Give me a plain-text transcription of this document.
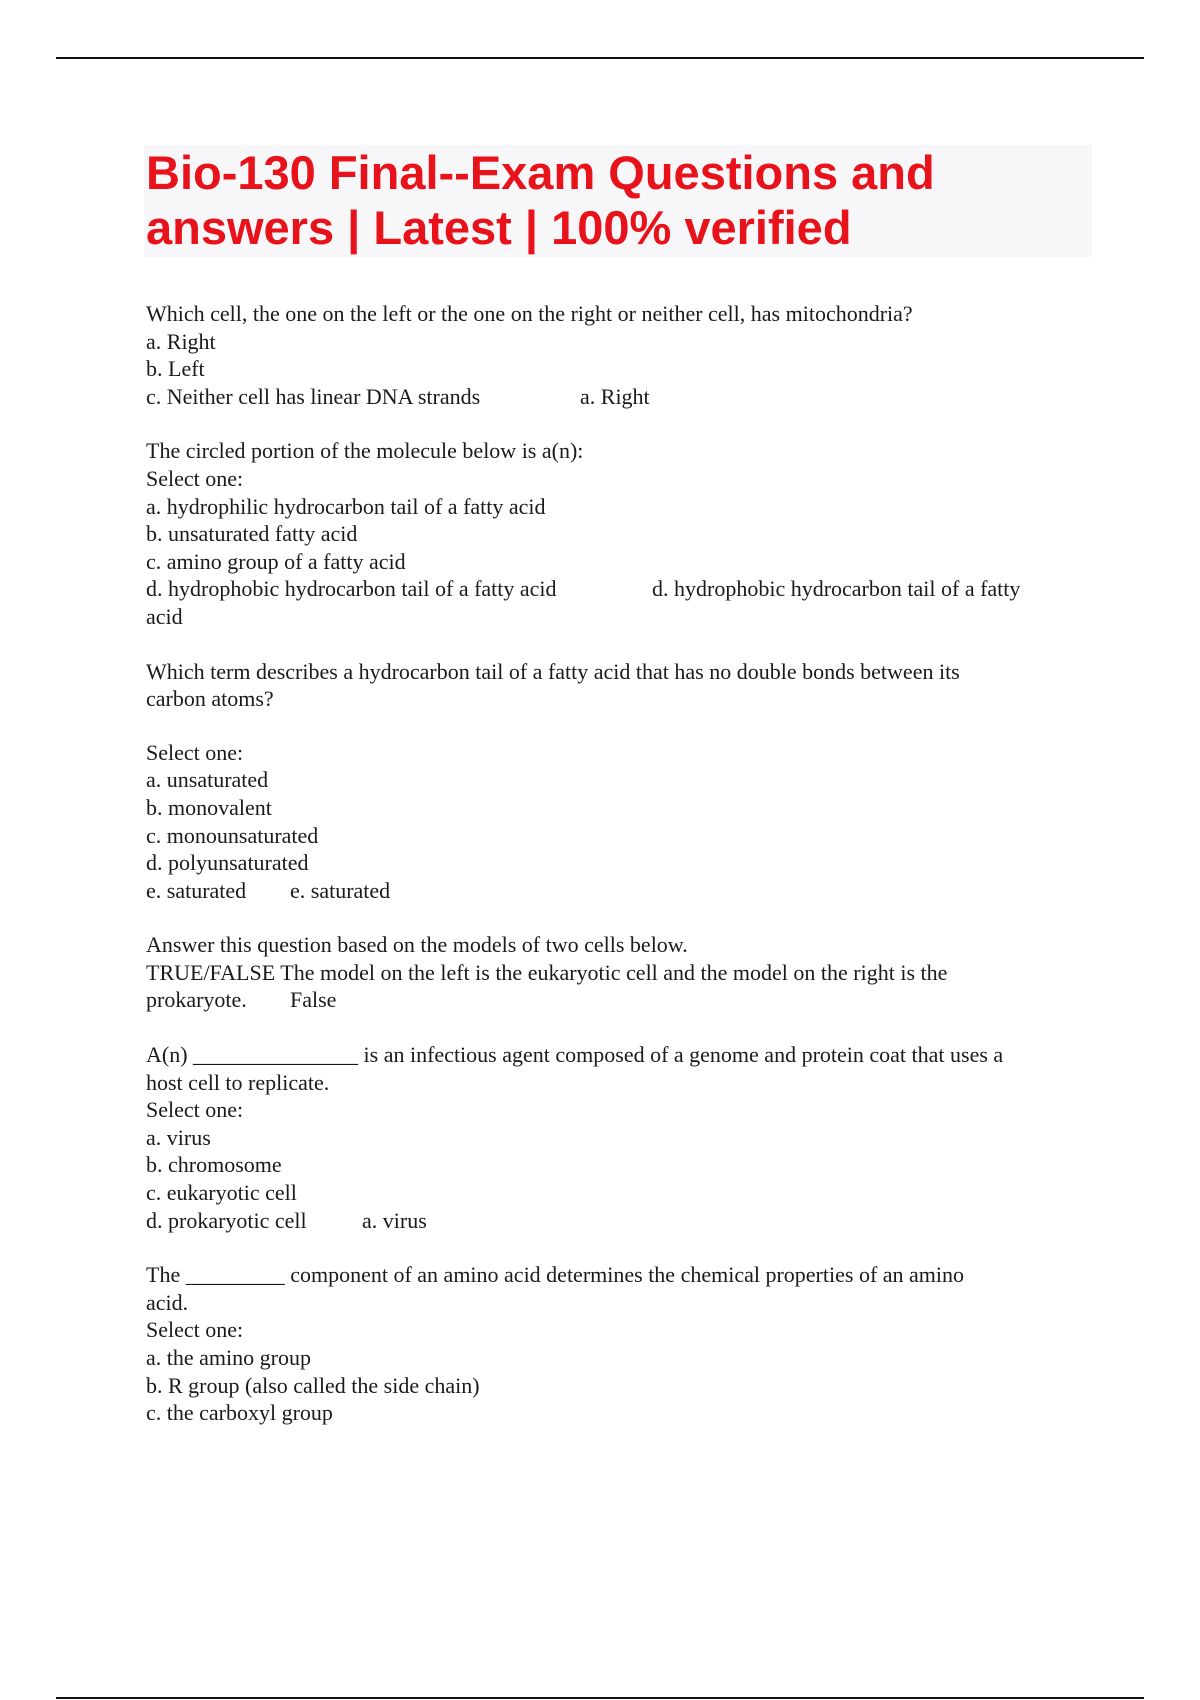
Bio-130 Final--Exam Questions and
answers | Latest | 100% verified
Which cell, the one on the left or the one on the right or neither cell, has mitochondria?
a. Right
b. Left
c. Neither cell has linear DNA strands	a. Right
The circled portion of the molecule below is a(n):
Select one:
a. hydrophilic hydrocarbon tail of a fatty acid
b. unsaturated fatty acid
c. amino group of a fatty acid
d. hydrophobic hydrocarbon tail of a fatty acid	d. hydrophobic hydrocarbon tail of a fatty
acid
Which term describes a hydrocarbon tail of a fatty acid that has no double bonds between its
carbon atoms?
Select one:
a. unsaturated
b. monovalent
c. monounsaturated
d. polyunsaturated
e. saturated e. saturated
Answer this question based on the models of two cells below.
TRUE/FALSE The model on the left is the eukaryotic cell and the model on the right is the
prokaryote. False
A(n) _______________ is an infectious agent composed of a genome and protein coat that uses a
host cell to replicate.
Select one:
a. virus
b. chromosome
c. eukaryotic cell
d. prokaryotic cell	a. virus
The _________ component of an amino acid determines the chemical properties of an amino
acid.
Select one:
a. the amino group
b. R group (also called the side chain)
c. the carboxyl group
